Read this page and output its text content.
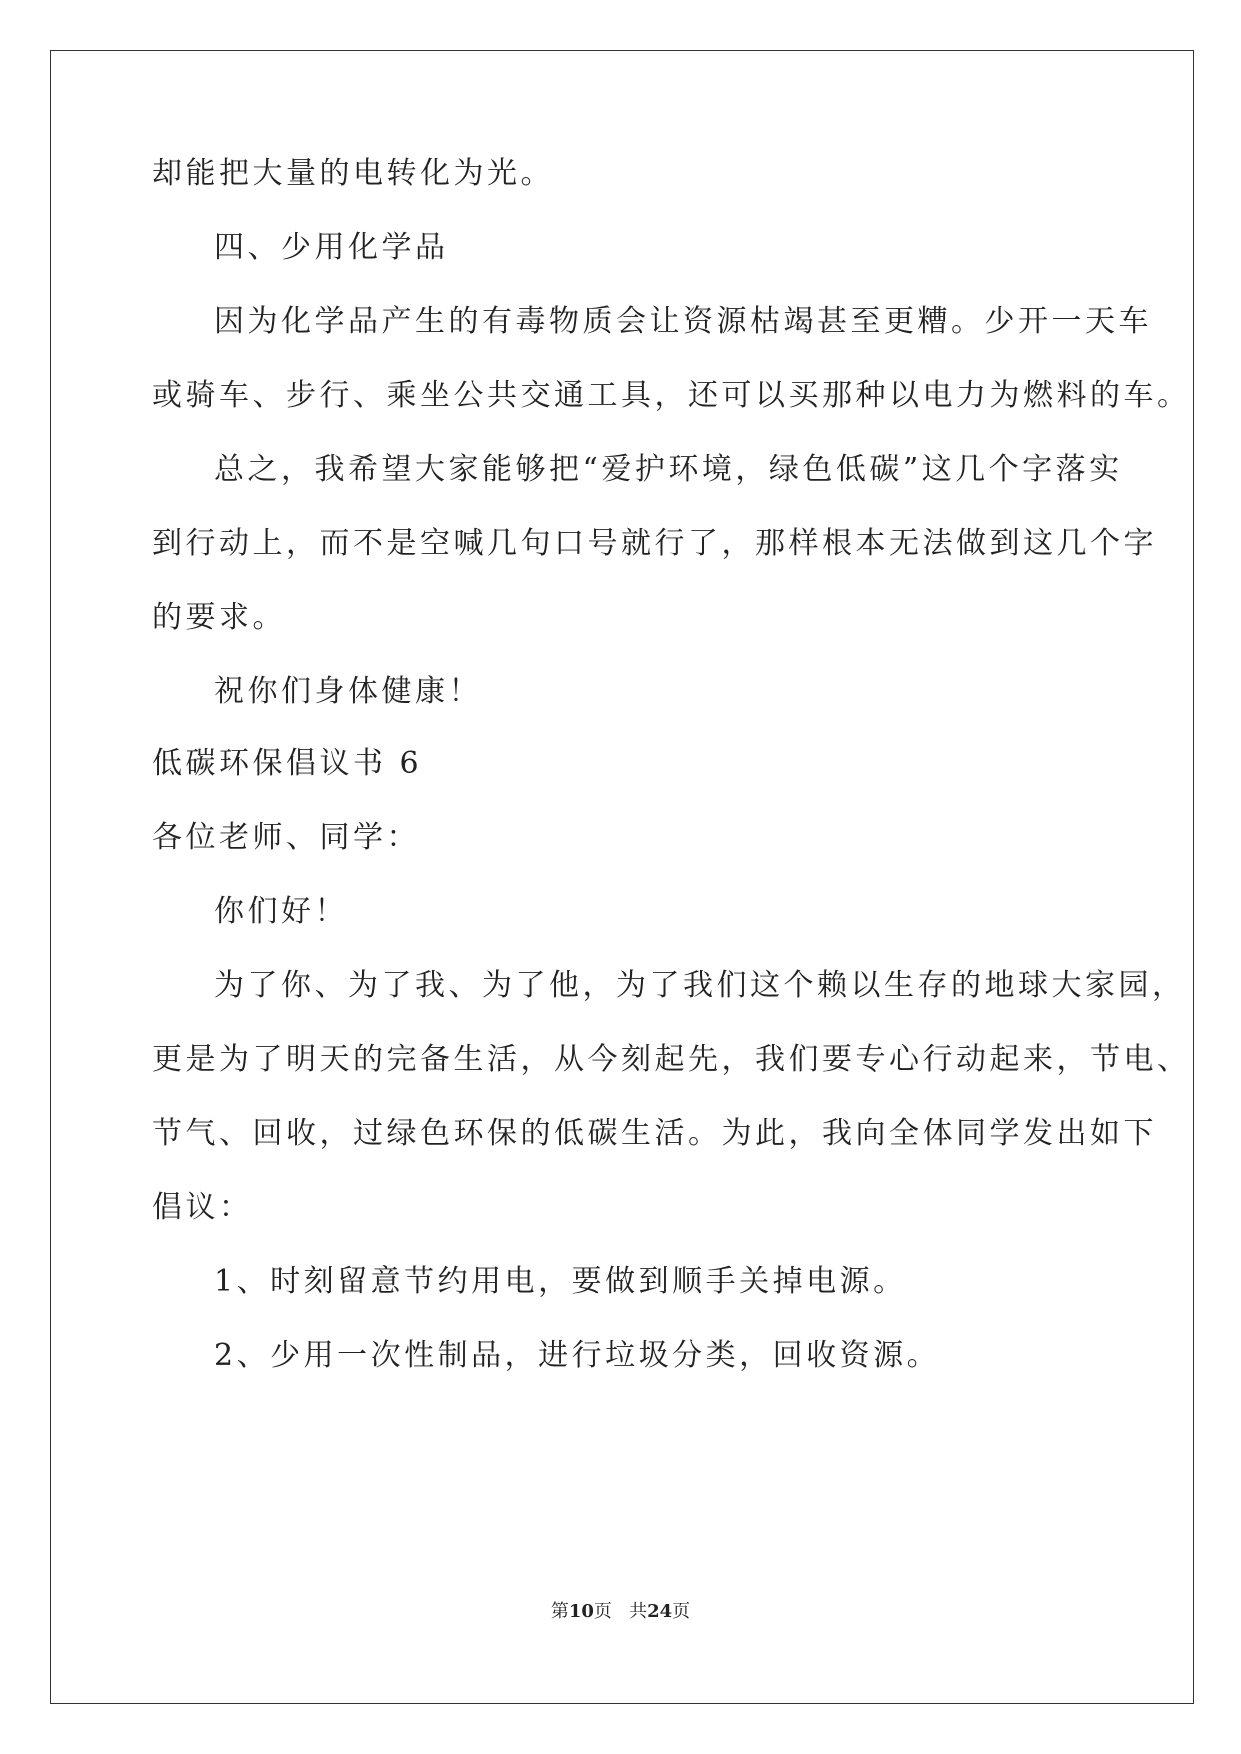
却能把大量的电转化为光。
四、少用化学品
因为化学品产生的有毒物质会让资源枯竭甚至更糟。少开一天车
或骑车、步行、乘坐公共交通工具，还可以买那种以电力为燃料的车。
总之，我希望大家能够把“爱护环境，绿色低碳”这几个字落实
到行动上，而不是空喊几句口号就行了，那样根本无法做到这几个字
的要求。
祝你们身体健康！
低碳环保倡议书 6
各位老师、同学：
你们好！
为了你、为了我、为了他，为了我们这个赖以生存的地球大家园，
更是为了明天的完备生活，从今刻起先，我们要专心行动起来，节电、
节气、回收，过绿色环保的低碳生活。为此，我向全体同学发出如下
倡议：
1、时刻留意节约用电，要做到顺手关掉电源。
2、少用一次性制品，进行垃圾分类，回收资源。
第10页 共24页
